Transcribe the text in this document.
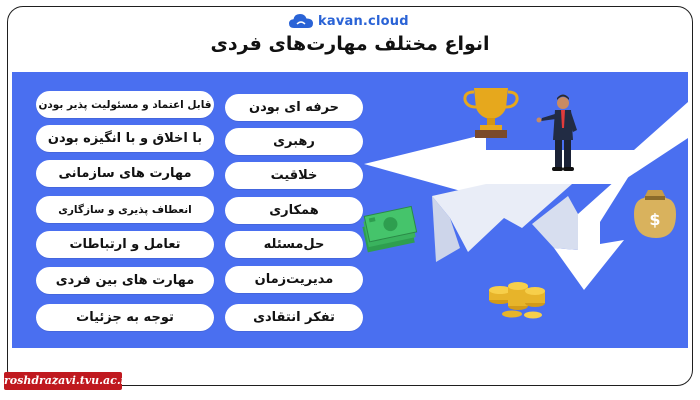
kavan.cloud
انواع مختلف مهارت‌های فردی
$
حرفه ای بودن
رهبری
خلاقیت
همکاری
حل‌مسئله
مدیریت‌زمان
تفکر انتقادی
قابل اعتماد و مسئولیت پذیر بودن
با اخلاق و با انگیزه بودن
مهارت های سازمانی
انعطاف پذیری و سازگاری
تعامل و ارتباطات
مهارت های بین فردی
توجه به جزئیات
roshdrazavi.tvu.ac.ir
